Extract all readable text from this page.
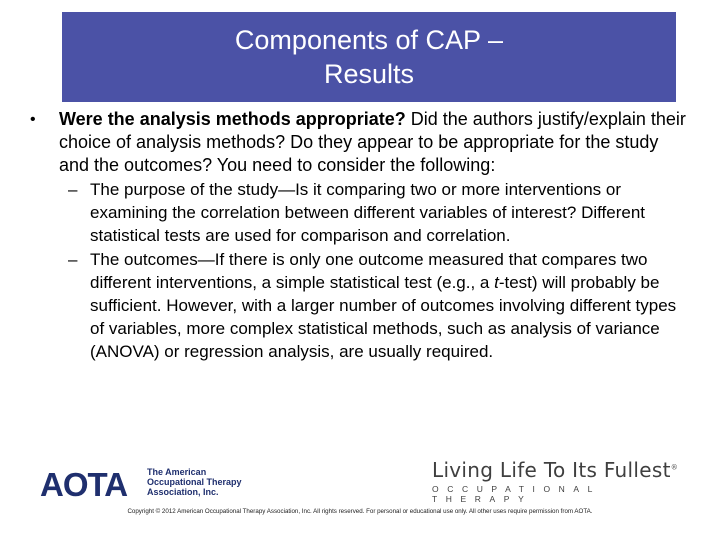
Components of CAP –
Results
• Were the analysis methods appropriate? Did the authors justify/explain their choice of analysis methods? Do they appear to be appropriate for the study and the outcomes? You need to consider the following:
– The purpose of the study—Is it comparing two or more interventions or examining the correlation between different variables of interest? Different statistical tests are used for comparison and correlation.
– The outcomes—If there is only one outcome measured that compares two different interventions, a simple statistical test (e.g., a t-test) will probably be sufficient. However, with a larger number of outcomes involving different types of variables, more complex statistical methods, such as analysis of variance (ANOVA) or regression analysis, are usually required.
AOTA The American
Occupational Therapy
Association, Inc.
Living Life To Its Fullest®
OCCUPATIONAL THERAPY
Copyright © 2012 American Occupational Therapy Association, Inc. All rights reserved. For personal or educational use only. All other uses require permission from AOTA.
